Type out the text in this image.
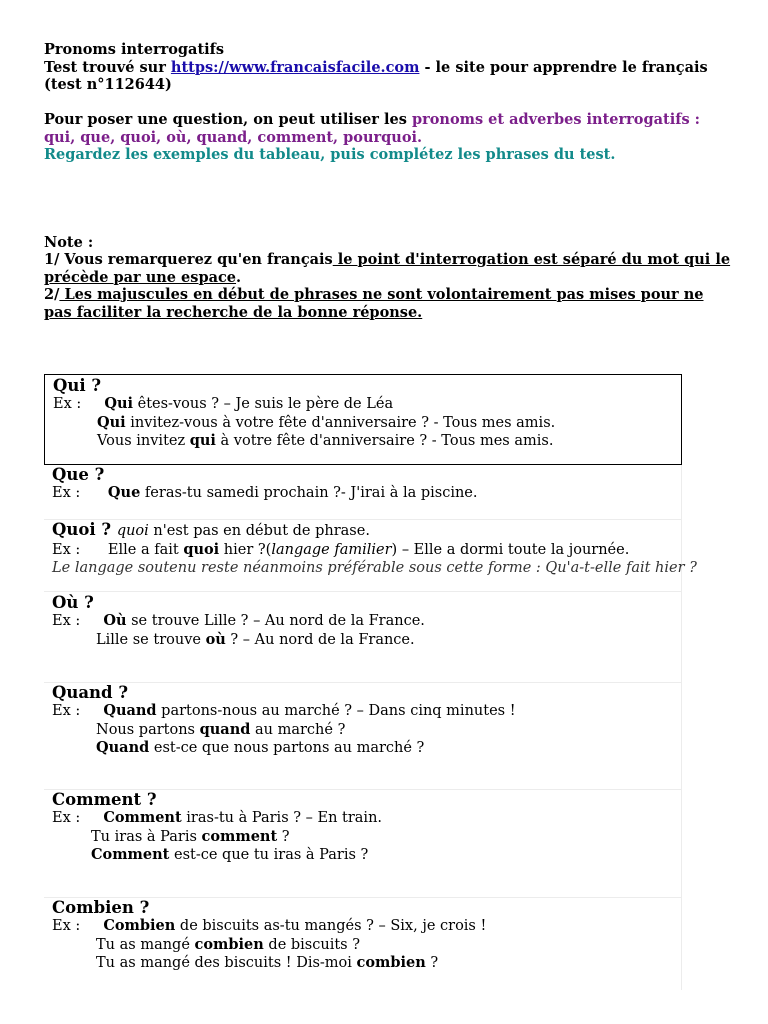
Pronoms interrogatifs
Test trouvé sur https://www.francaisfacile.com - le site pour apprendre le français (test n°112644)
Pour poser une question, on peut utiliser les pronoms et adverbes interrogatifs : qui, que, quoi, où, quand, comment, pourquoi.
Regardez les exemples du tableau, puis complétez les phrases du test.
Note :
1/ Vous remarquerez qu'en français le point d'interrogation est séparé du mot qui le précède par une espace.
2/ Les majuscules en début de phrases ne sont volontairement pas mises pour ne pas faciliter la recherche de la bonne réponse.
Qui ?
Ex :     Qui êtes-vous ? – Je suis le père de Léa
Qui invitez-vous à votre fête d'anniversaire ? - Tous mes amis.
Vous invitez qui à votre fête d'anniversaire ? - Tous mes amis.
Que ?
Ex :      Que feras-tu samedi prochain ?- J'irai à la piscine.
Quoi ? quoi n'est pas en début de phrase.
Ex :      Elle a fait quoi hier ?(langage familier) – Elle a dormi toute la journée.
Le langage soutenu reste néanmoins préférable sous cette forme : Qu'a-t-elle fait hier ?
Où ?
Ex :     Où se trouve Lille ? – Au nord de la France.
Lille se trouve où ? – Au nord de la France.
Quand ?
Ex :     Quand partons-nous au marché ? – Dans cinq minutes !
Nous partons quand au marché ?
Quand est-ce que nous partons au marché ?
Comment ?
Ex :     Comment iras-tu à Paris ? – En train.
Tu iras à Paris comment ?
Comment est-ce que tu iras à Paris ?
Combien ?
Ex :     Combien de biscuits as-tu mangés ? – Six, je crois !
Tu as mangé combien de biscuits ?
Tu as mangé des biscuits ! Dis-moi combien ?
